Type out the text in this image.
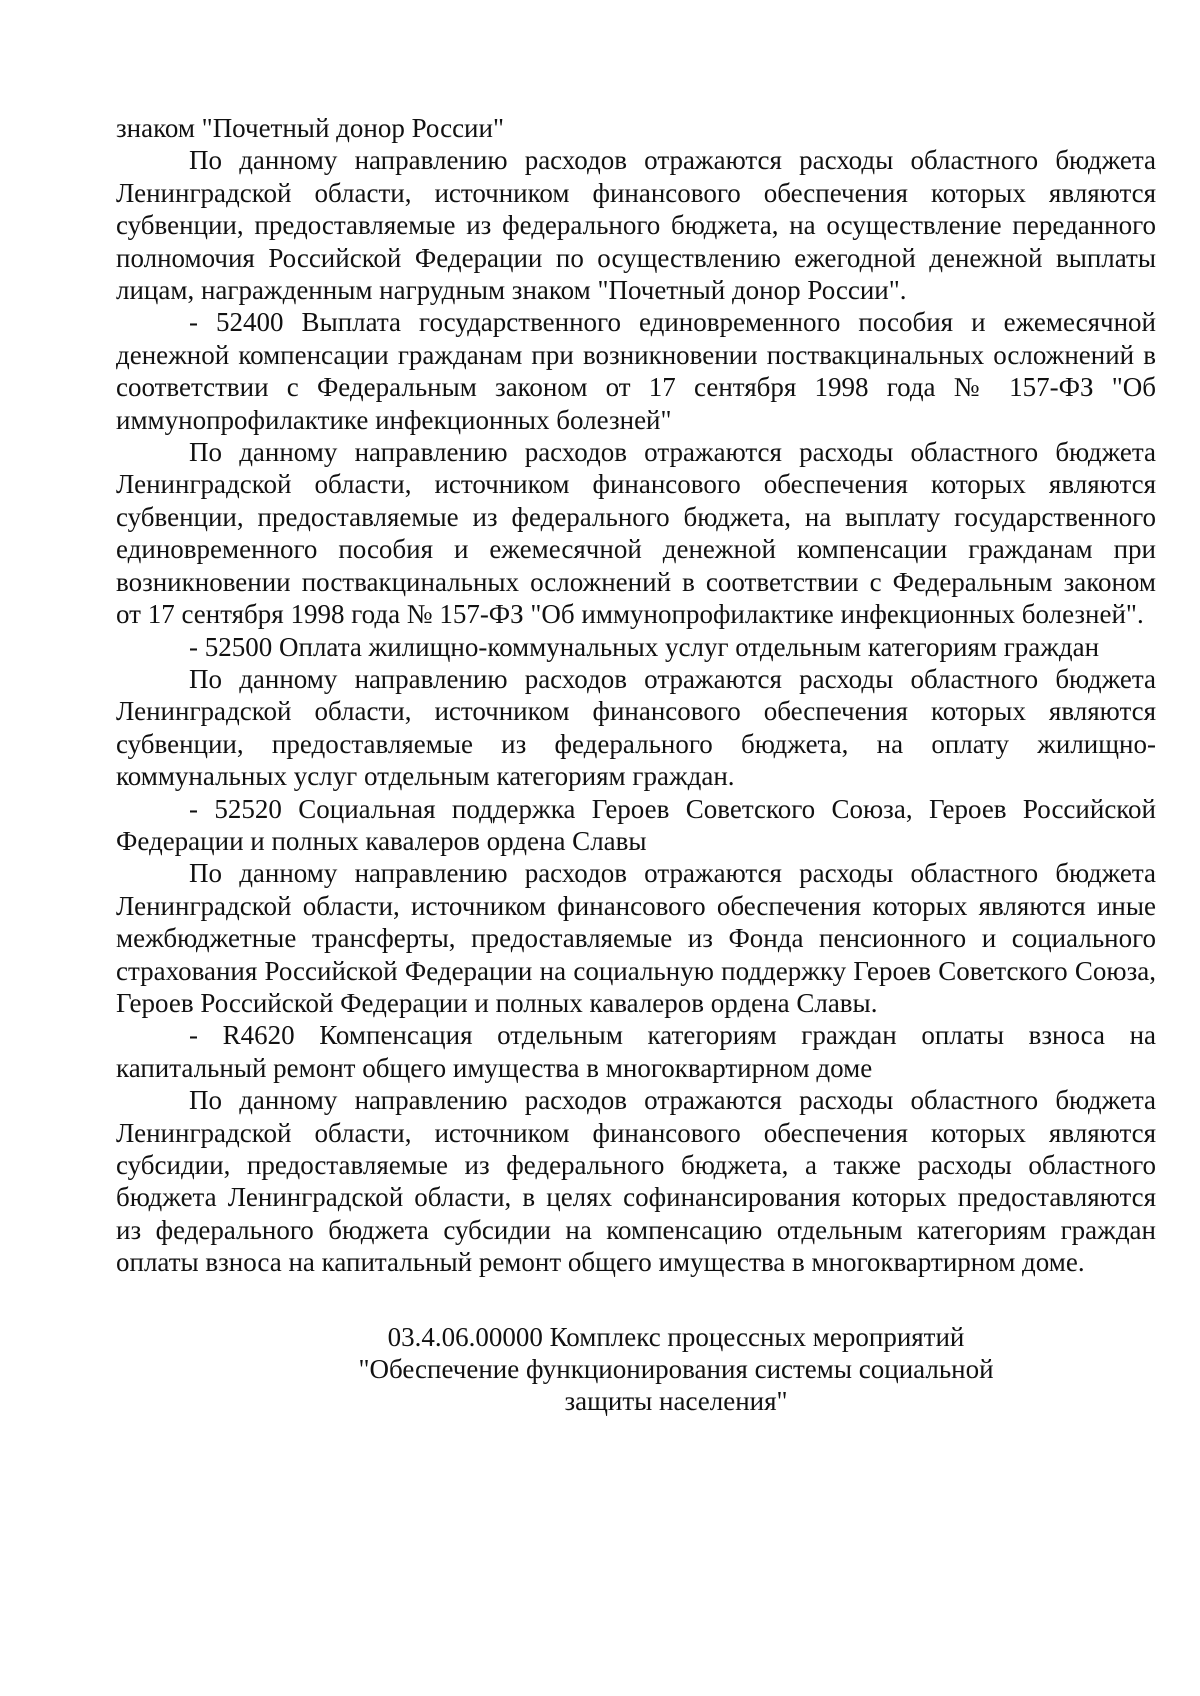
знаком "Почетный донор России"

По данному направлению расходов отражаются расходы областного бюджета Ленинградской области, источником финансового обеспечения которых являются субвенции, предоставляемые из федерального бюджета, на осуществление переданного полномочия Российской Федерации по осуществлению ежегодной денежной выплаты лицам, награжденным нагрудным знаком "Почетный донор России".

- 52400 Выплата государственного единовременного пособия и ежемесячной денежной компенсации гражданам при возникновении поствакцинальных осложнений в соответствии с Федеральным законом от 17 сентября 1998 года № 157-ФЗ "Об иммунопрофилактике инфекционных болезней"

По данному направлению расходов отражаются расходы областного бюджета Ленинградской области, источником финансового обеспечения которых являются субвенции, предоставляемые из федерального бюджета, на выплату государственного единовременного пособия и ежемесячной денежной компенсации гражданам при возникновении поствакцинальных осложнений в соответствии с Федеральным законом от 17 сентября 1998 года № 157-ФЗ "Об иммунопрофилактике инфекционных болезней".

- 52500 Оплата жилищно-коммунальных услуг отдельным категориям граждан

По данному направлению расходов отражаются расходы областного бюджета Ленинградской области, источником финансового обеспечения которых являются субвенции, предоставляемые из федерального бюджета, на оплату жилищно-коммунальных услуг отдельным категориям граждан.

- 52520 Социальная поддержка Героев Советского Союза, Героев Российской Федерации и полных кавалеров ордена Славы

По данному направлению расходов отражаются расходы областного бюджета Ленинградской области, источником финансового обеспечения которых являются иные межбюджетные трансферты, предоставляемые из Фонда пенсионного и социального страхования Российской Федерации на социальную поддержку Героев Советского Союза, Героев Российской Федерации и полных кавалеров ордена Славы.

- R4620 Компенсация отдельным категориям граждан оплаты взноса на капитальный ремонт общего имущества в многоквартирном доме

По данному направлению расходов отражаются расходы областного бюджета Ленинградской области, источником финансового обеспечения которых являются субсидии, предоставляемые из федерального бюджета, а также расходы областного бюджета Ленинградской области, в целях софинансирования которых предоставляются из федерального бюджета субсидии на компенсацию отдельным категориям граждан оплаты взноса на капитальный ремонт общего имущества в многоквартирном доме.

03.4.06.00000 Комплекс процессных мероприятий
"Обеспечение функционирования системы социальной
защиты населения"
